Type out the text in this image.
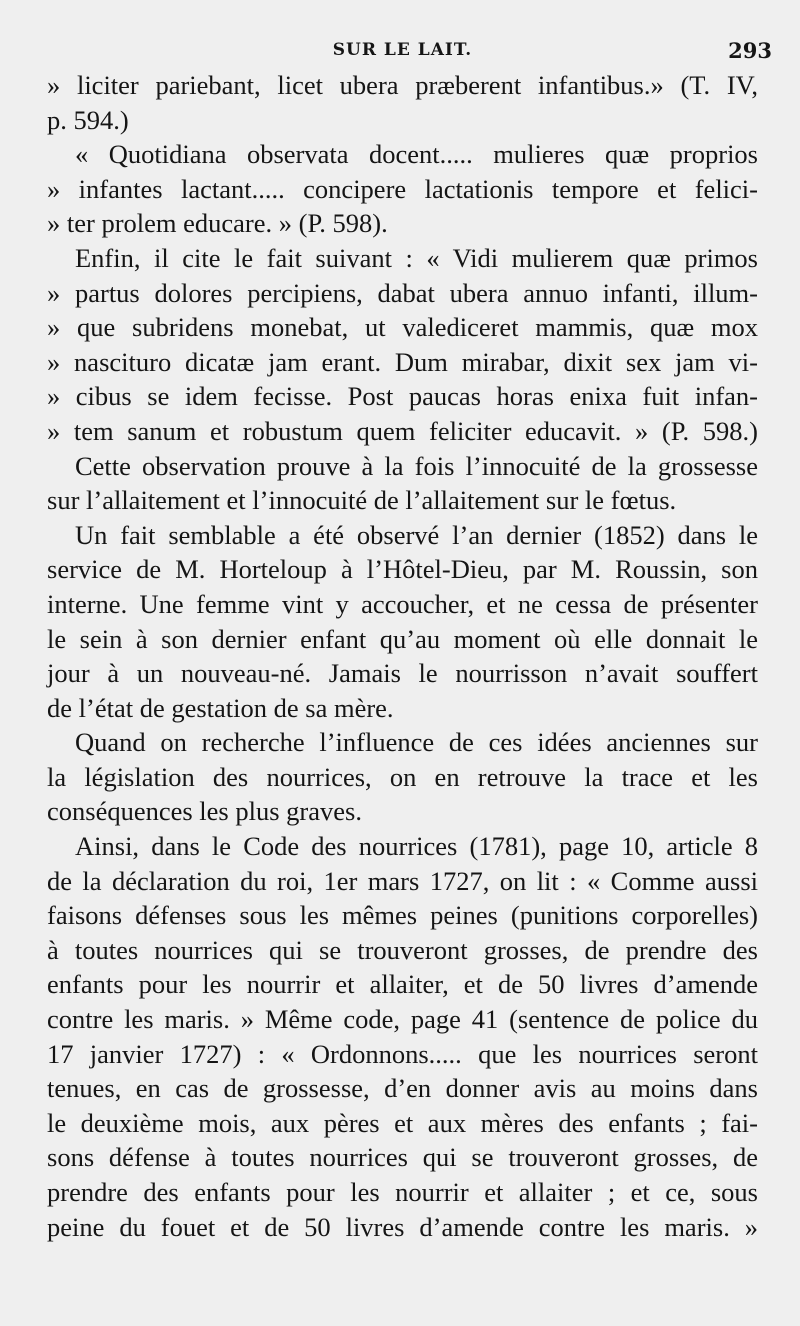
SUR LE LAIT.	293
» liciter pariebant, licet ubera præberent infantibus.» (T. IV,
p. 594.)
« Quotidiana observata docent..... mulieres quæ proprios
» infantes lactant..... concipere lactationis tempore et felici-
» ter prolem educare. » (P. 598).
Enfin, il cite le fait suivant : « Vidi mulierem quæ primos
» partus dolores percipiens, dabat ubera annuo infanti, illum-
» que subridens monebat, ut valediceret mammis, quæ mox
» nascituro dicatæ jam erant. Dum mirabar, dixit sex jam vi-
» cibus se idem fecisse. Post paucas horas enixa fuit infan-
» tem sanum et robustum quem feliciter educavit. » (P. 598.)
Cette observation prouve à la fois l’innocuité de la grossesse
sur l’allaitement et l’innocuité de l’allaitement sur le fœtus.
Un fait semblable a été observé l’an dernier (1852) dans le
service de M. Horteloup à l’Hôtel-Dieu, par M. Roussin, son
interne. Une femme vint y accoucher, et ne cessa de présenter
le sein à son dernier enfant qu’au moment où elle donnait le
jour à un nouveau-né. Jamais le nourrisson n’avait souffert
de l’état de gestation de sa mère.
Quand on recherche l’influence de ces idées anciennes sur
la législation des nourrices, on en retrouve la trace et les
conséquences les plus graves.
Ainsi, dans le Code des nourrices (1781), page 10, article 8
de la déclaration du roi, 1er mars 1727, on lit : « Comme aussi
faisons défenses sous les mêmes peines (punitions corporelles)
à toutes nourrices qui se trouveront grosses, de prendre des
enfants pour les nourrir et allaiter, et de 50 livres d’amende
contre les maris. » Même code, page 41 (sentence de police du
17 janvier 1727) : « Ordonnons..... que les nourrices seront
tenues, en cas de grossesse, d’en donner avis au moins dans
le deuxième mois, aux pères et aux mères des enfants ; fai-
sons défense à toutes nourrices qui se trouveront grosses, de
prendre des enfants pour les nourrir et allaiter ; et ce, sous
peine du fouet et de 50 livres d’amende contre les maris. »
